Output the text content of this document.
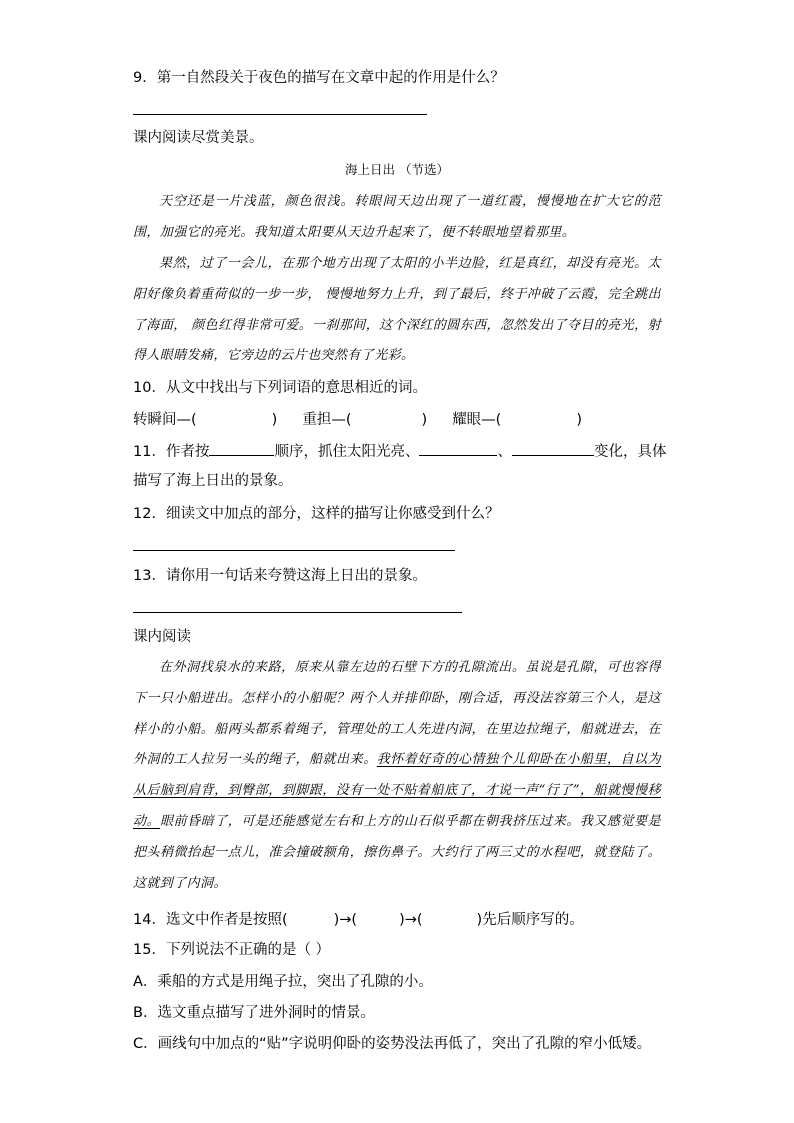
9．第一自然段关于夜色的描写在文章中起的作用是什么？
课内阅读尽赏美景。
海上日出 （节选）
天空还是一片浅蓝，颜色很浅。转眼间天边出现了一道红霞，慢慢地在扩大它的范围，加强它的亮光。我知道太阳要从天边升起来了，便不转眼地望着那里。
果然，过了一会儿，在那个地方出现了太阳的小半边脸，红是真红，却没有亮光。太阳好像负着重荷似的一步一步， 慢慢地努力上升，到了最后，终于冲破了云霞，完全跳出了海面， 颜色红得非常可爱。一刹那间，这个深红的圆东西，忽然发出了夺目的亮光，射得人眼睛发痛，它旁边的云片也突然有了光彩。
10．从文中找出与下列词语的意思相近的词。
转瞬间—(	) 重担—(	) 耀眼—(	)
11．作者按	顺序，抓住太阳光亮、	、	变化，具体
描写了海上日出的景象。
12．细读文中加点的部分，这样的描写让你感受到什么？
13．请你用一句话来夸赞这海上日出的景象。
课内阅读
在外洞找泉水的来路，原来从靠左边的石壁下方的孔隙流出。虽说是孔隙，可也容得下一只小船进出。怎样小的小船呢？两个人并排仰卧，刚合适，再没法容第三个人，是这样小的小船。船两头都系着绳子，管理处的工人先进内洞，在里边拉绳子，船就进去，在外洞的工人拉另一头的绳子，船就出来。我怀着好奇的心情独个儿仰卧在小船里，自以为从后脑到肩背，到臀部，到脚跟，没有一处不贴着船底了，才说一声“行了”，船就慢慢移动。眼前昏暗了，可是还能感觉左右和上方的山石似乎都在朝我挤压过来。我又感觉要是把头稍微抬起一点儿，准会撞破额角，擦伤鼻子。大约行了两三丈的水程吧，就登陆了。这就到了内洞。
14．选文中作者是按照(	)→(	)→(	)先后顺序写的。
15．下列说法不正确的是（ ）
A．乘船的方式是用绳子拉，突出了孔隙的小。
B．选文重点描写了进外洞时的情景。
C．画线句中加点的“贴”字说明仰卧的姿势没法再低了，突出了孔隙的窄小低矮。
